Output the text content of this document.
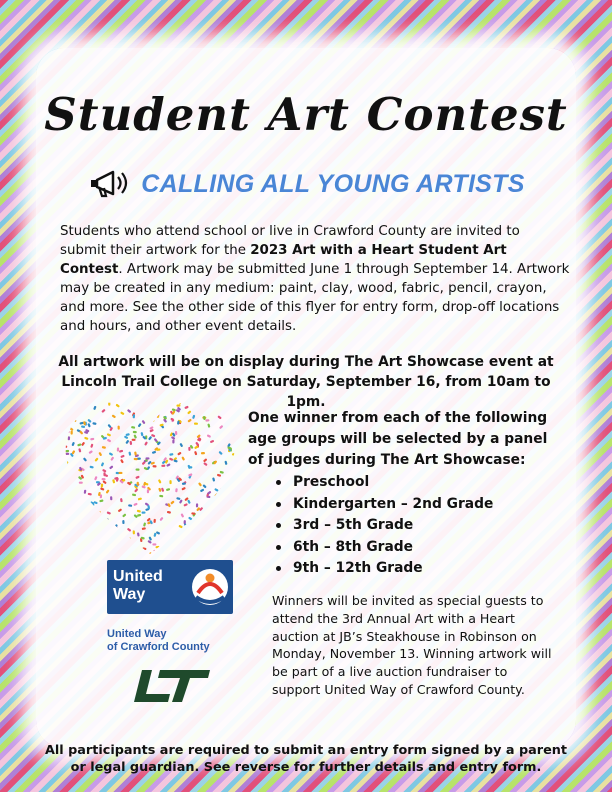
Student Art Contest
CALLING ALL YOUNG ARTISTS

Students who attend school or live in Crawford County are invited to submit their artwork for the 2023 Art with a Heart Student Art Contest. Artwork may be submitted June 1 through September 14. Artwork may be created in any medium: paint, clay, wood, fabric, pencil, crayon, and more. See the other side of this flyer for entry form, drop-off locations and hours, and other event details.

All artwork will be on display during The Art Showcase event at Lincoln Trail College on Saturday, September 16, from 10am to 1pm.

United
Way
United Way
of Crawford County

One winner from each of the following age groups will be selected by a panel of judges during The Art Showcase:

Preschool
Kindergarten – 2nd Grade
3rd – 5th Grade
6th – 8th Grade
9th – 12th Grade

Winners will be invited as special guests to attend the 3rd Annual Art with a Heart auction at JB’s Steakhouse in Robinson on Monday, November 13. Winning artwork will be part of a live auction fundraiser to support United Way of Crawford County.

All participants are required to submit an entry form signed by a parent or legal guardian. See reverse for further details and entry form.
